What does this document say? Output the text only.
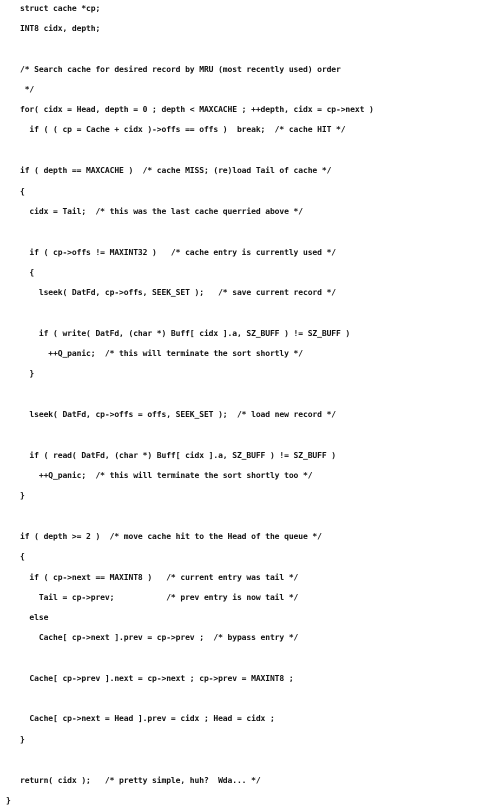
struct cache *cp;
INT8 cidx, depth;
/* Search cache for desired record by MRU (most recently used) order
*/
for( cidx = Head, depth = 0 ; depth < MAXCACHE ; ++depth, cidx = cp->next )
if ( ( cp = Cache + cidx )->offs == offs )  break;  /* cache HIT */
if ( depth == MAXCACHE )  /* cache MISS; (re)load Tail of cache */
{
cidx = Tail;  /* this was the last cache querried above */
if ( cp->offs != MAXINT32 )   /* cache entry is currently used */
{
lseek( DatFd, cp->offs, SEEK_SET );   /* save current record */
if ( write( DatFd, (char *) Buff[ cidx ].a, SZ_BUFF ) != SZ_BUFF )
++Q_panic;  /* this will terminate the sort shortly */
}
lseek( DatFd, cp->offs = offs, SEEK_SET );  /* load new record */
if ( read( DatFd, (char *) Buff[ cidx ].a, SZ_BUFF ) != SZ_BUFF )
++Q_panic;  /* this will terminate the sort shortly too */
}
if ( depth >= 2 )  /* move cache hit to the Head of the queue */
{
if ( cp->next == MAXINT8 )   /* current entry was tail */
Tail = cp->prev;           /* prev entry is now tail */
else
Cache[ cp->next ].prev = cp->prev ;  /* bypass entry */
Cache[ cp->prev ].next = cp->next ; cp->prev = MAXINT8 ;
Cache[ cp->next = Head ].prev = cidx ; Head = cidx ;
}
return( cidx );   /* pretty simple, huh?  Wda... */
}
